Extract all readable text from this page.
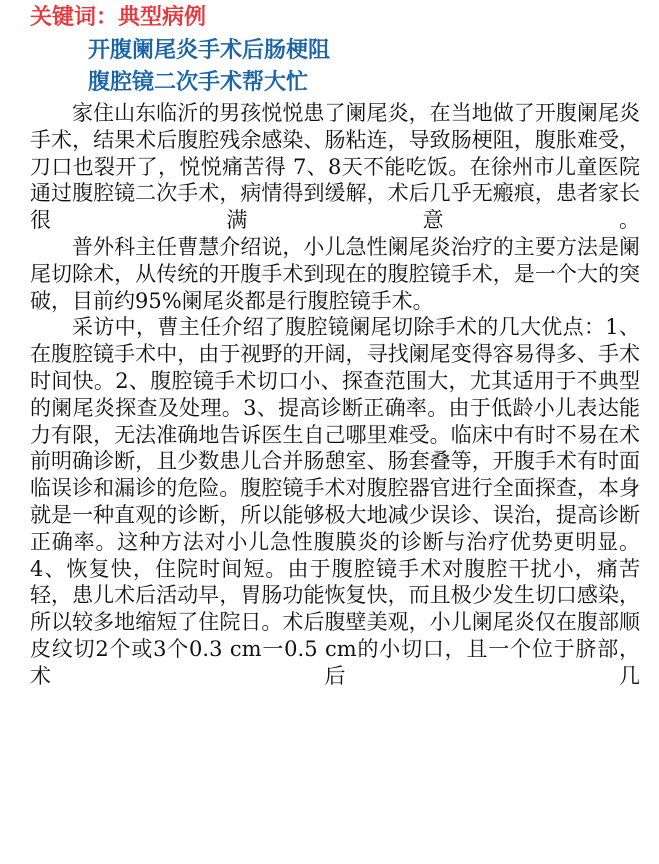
关键词：典型病例
开腹阑尾炎手术后肠梗阻
腹腔镜二次手术帮大忙

家住山东临沂的男孩悦悦患了阑尾炎，在当地做了开腹阑尾炎手术，结果术后腹腔残余感染、肠粘连，导致肠梗阻，腹胀难受，刀口也裂开了，悦悦痛苦得 7、8天不能吃饭。在徐州市儿童医院通过腹腔镜二次手术，病情得到缓解，术后几乎无瘢痕，患者家长很满意。

普外科主任曹慧介绍说，小儿急性阑尾炎治疗的主要方法是阑尾切除术，从传统的开腹手术到现在的腹腔镜手术，是一个大的突破，目前约95%阑尾炎都是行腹腔镜手术。

采访中，曹主任介绍了腹腔镜阑尾切除手术的几大优点：1、在腹腔镜手术中，由于视野的开阔，寻找阑尾变得容易得多、手术时间快。2、腹腔镜手术切口小、探查范围大，尤其适用于不典型的阑尾炎探查及处理。3、提高诊断正确率。由于低龄小儿表达能力有限，无法准确地告诉医生自己哪里难受。临床中有时不易在术前明确诊断，且少数患儿合并肠憩室、肠套叠等，开腹手术有时面临误诊和漏诊的危险。腹腔镜手术对腹腔器官进行全面探查，本身就是一种直观的诊断，所以能够极大地减少误诊、误治，提高诊断正确率。这种方法对小儿急性腹膜炎的诊断与治疗优势更明显。4、恢复快，住院时间短。由于腹腔镜手术对腹腔干扰小，痛苦轻，患儿术后活动早，胃肠功能恢复快，而且极少发生切口感染，所以较多地缩短了住院日。术后腹壁美观，小儿阑尾炎仅在腹部顺皮纹切2个或3个0.3 cm一0.5 cm的小切口，且一个位于脐部，术后几
